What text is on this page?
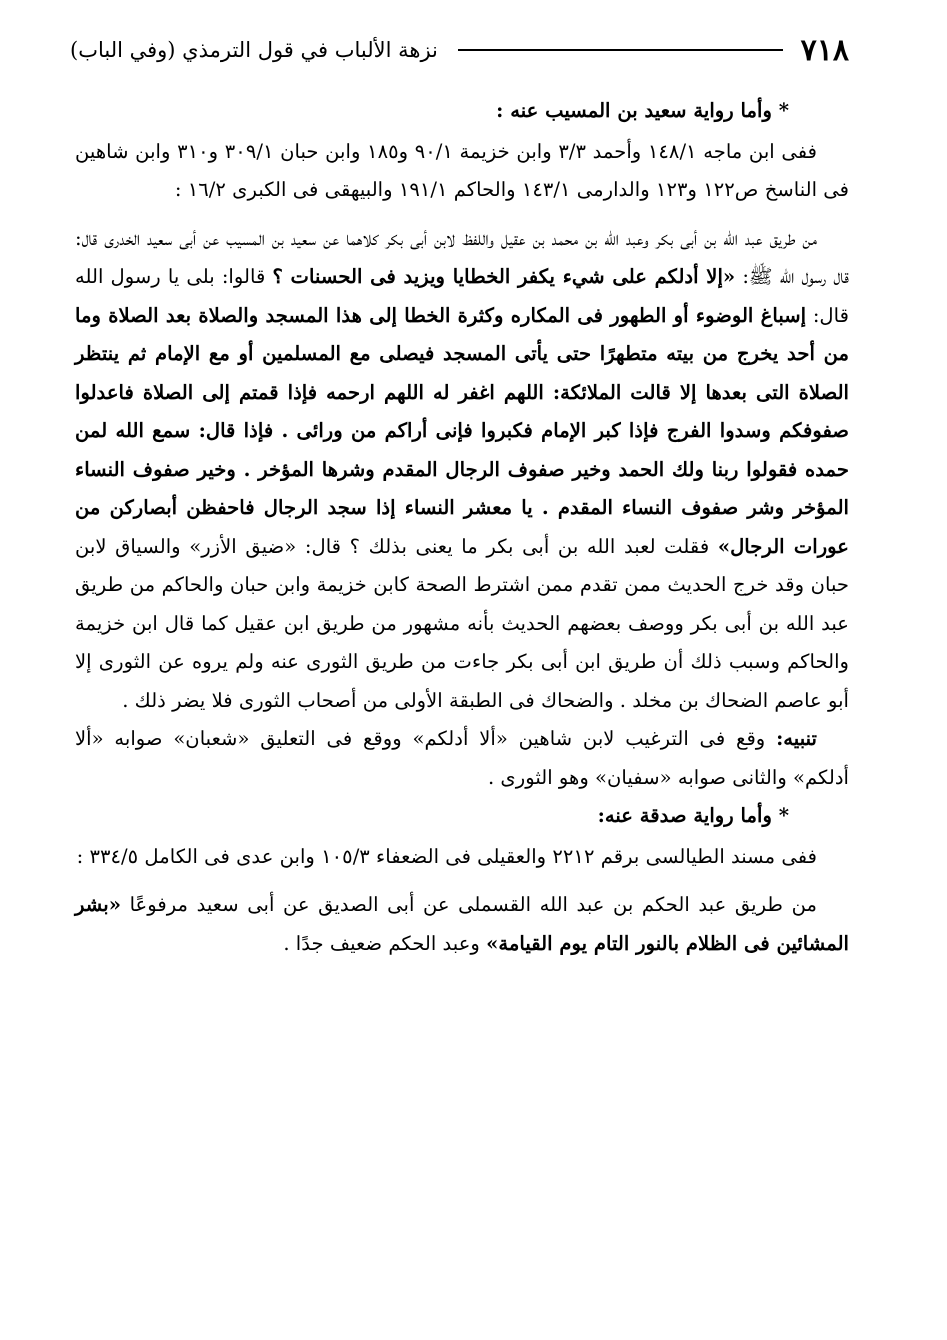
٧١٨
نزهة الألباب في قول الترمذي (وفي الباب)

* وأما رواية سعيد بن المسيب عنه :

ففى ابن ماجه ١٤٨/١ وأحمد ٣/٣ وابن خزيمة ٩٠/١ و١٨٥ وابن حبان ٣٠٩/١ و٣١٠ وابن شاهين فى الناسخ ص١٢٢ و١٢٣ والدارمى ١٤٣/١ والحاكم ١٩١/١ والبيهقى فى الكبرى ١٦/٢ :

من طريق عبد الله بن أبى بكر وعبد الله بن محمد بن عقيل واللفظ لابن أبى بكر كلاهما عن سعيد بن المسيب عن أبى سعيد الخدرى قال: قال رسول الله ﷺ: «إلا أدلكم على شيء يكفر الخطايا ويزيد فى الحسنات ؟ قالوا: بلى يا رسول الله قال: إسباغ الوضوء أو الطهور فى المكاره وكثرة الخطا إلى هذا المسجد والصلاة بعد الصلاة وما من أحد يخرج من بيته متطهرًا حتى يأتى المسجد فيصلى مع المسلمين أو مع الإمام ثم ينتظر الصلاة التى بعدها إلا قالت الملائكة: اللهم اغفر له اللهم ارحمه فإذا قمتم إلى الصلاة فاعدلوا صفوفكم وسدوا الفرج فإذا كبر الإمام فكبروا فإنى أراكم من ورائى . فإذا قال: سمع الله لمن حمده فقولوا ربنا ولك الحمد وخير صفوف الرجال المقدم وشرها المؤخر . وخير صفوف النساء المؤخر وشر صفوف النساء المقدم . يا معشر النساء إذا سجد الرجال فاحفظن أبصاركن من عورات الرجال» فقلت لعبد الله بن أبى بكر ما يعنى بذلك ؟ قال: «ضيق الأزر» والسياق لابن حبان وقد خرج الحديث ممن تقدم ممن اشترط الصحة كابن خزيمة وابن حبان والحاكم من طريق عبد الله بن أبى بكر ووصف بعضهم الحديث بأنه مشهور من طريق ابن عقيل كما قال ابن خزيمة والحاكم وسبب ذلك أن طريق ابن أبى بكر جاءت من طريق الثورى عنه ولم يروه عن الثورى إلا أبو عاصم الضحاك بن مخلد . والضحاك فى الطبقة الأولى من أصحاب الثورى فلا يضر ذلك .

تنبيه: وقع فى الترغيب لابن شاهين «ألا أدلكم» ووقع فى التعليق «شعبان» صوابه «ألا أدلكم» والثانى صوابه «سفيان» وهو الثورى .

* وأما رواية صدقة عنه:

ففى مسند الطيالسى برقم ٢٢١٢ والعقيلى فى الضعفاء ١٠٥/٣ وابن عدى فى الكامل ٣٣٤/٥ :

من طريق عبد الحكم بن عبد الله القسملى عن أبى الصديق عن أبى سعيد مرفوعًا «بشر المشائين فى الظلام بالنور التام يوم القيامة» وعبد الحكم ضعيف جدًا .
